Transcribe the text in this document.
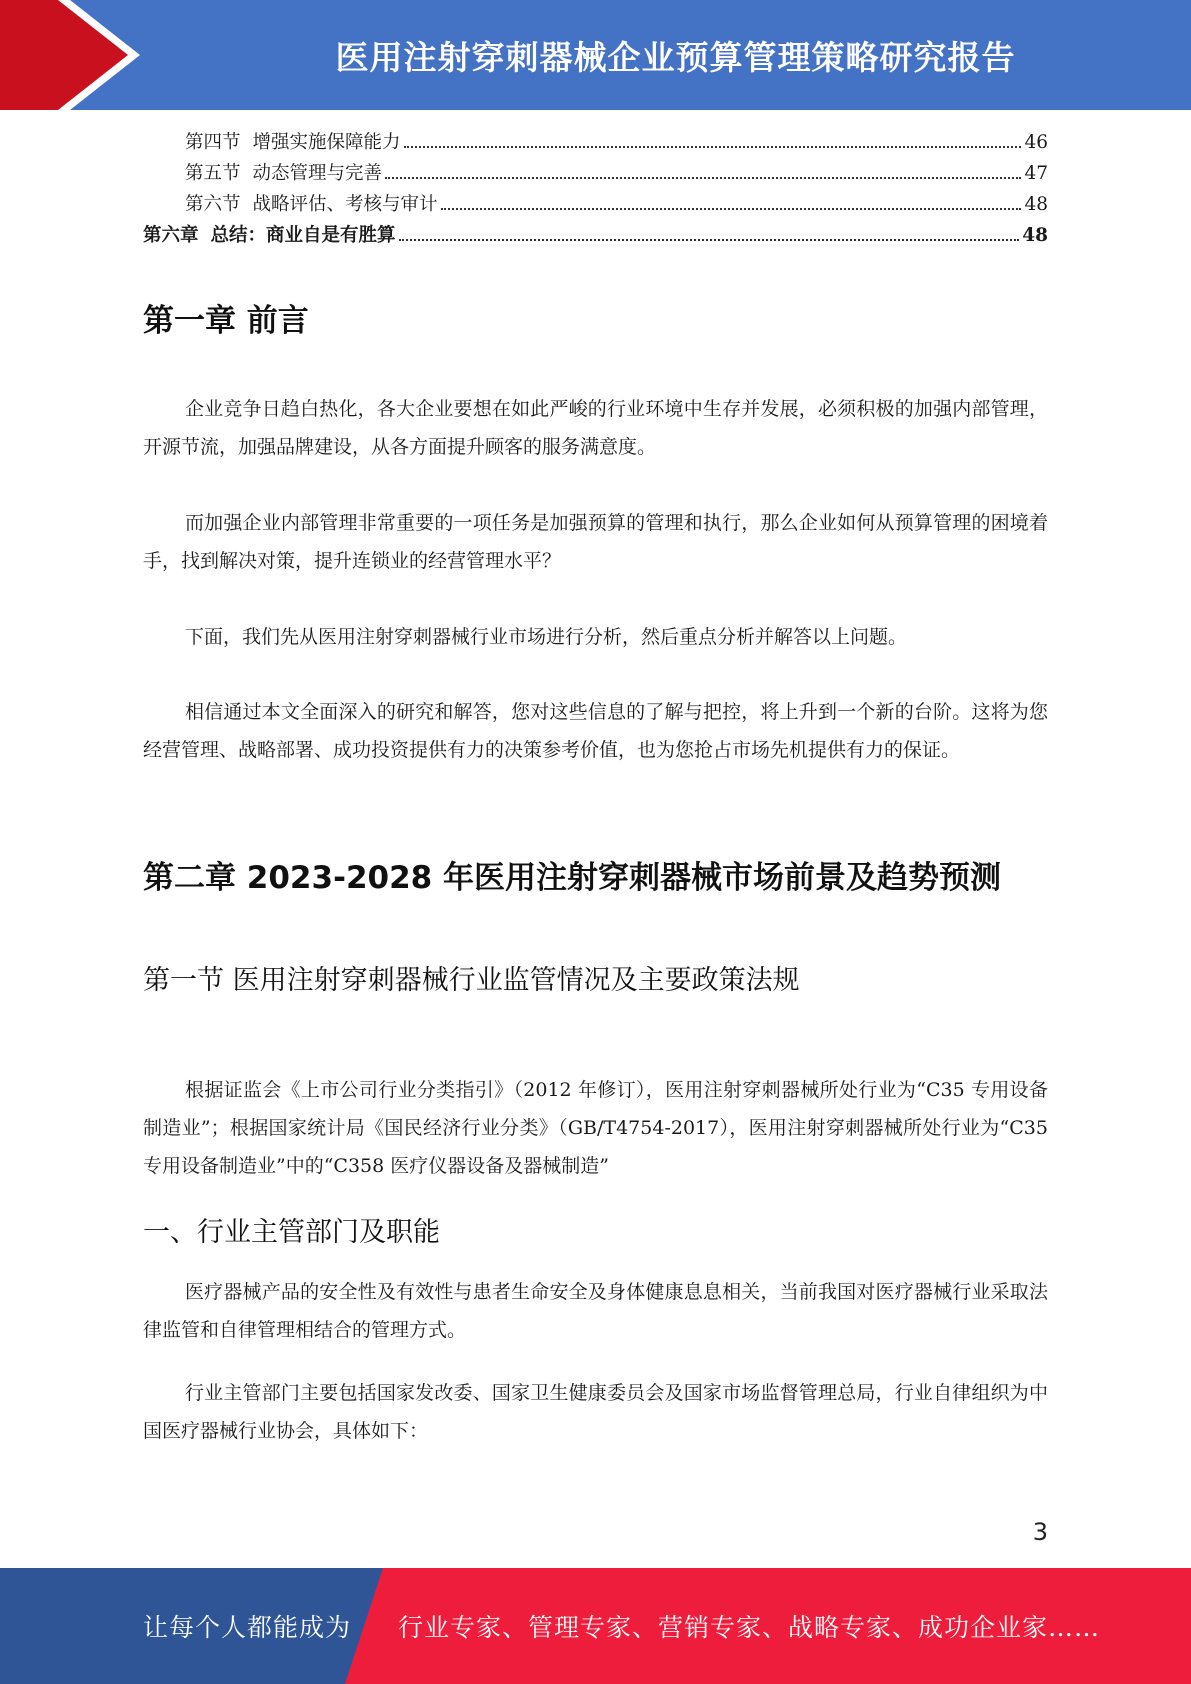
医用注射穿刺器械企业预算管理策略研究报告
第四节 增强实施保障能力	46
第五节 动态管理与完善	47
第六节 战略评估、考核与审计	48
第六章 总结：商业自是有胜算	48
第一章 前言

企业竞争日趋白热化，各大企业要想在如此严峻的行业环境中生存并发展，必须积极的加强内部管理，开源节流，加强品牌建设，从各方面提升顾客的服务满意度。

而加强企业内部管理非常重要的一项任务是加强预算的管理和执行，那么企业如何从预算管理的困境着手，找到解决对策，提升连锁业的经营管理水平？

下面，我们先从医用注射穿刺器械行业市场进行分析，然后重点分析并解答以上问题。

相信通过本文全面深入的研究和解答，您对这些信息的了解与把控，将上升到一个新的台阶。这将为您经营管理、战略部署、成功投资提供有力的决策参考价值，也为您抢占市场先机提供有力的保证。

第二章 2023-2028 年医用注射穿刺器械市场前景及趋势预测
第一节 医用注射穿刺器械行业监管情况及主要政策法规

根据证监会《上市公司行业分类指引》（2012 年修订），医用注射穿刺器械所处行业为“C35 专用设备制造业”；根据国家统计局《国民经济行业分类》（GB/T4754-2017），医用注射穿刺器械所处行业为“C35 专用设备制造业”中的“C358 医疗仪器设备及器械制造”

一、行业主管部门及职能

医疗器械产品的安全性及有效性与患者生命安全及身体健康息息相关，当前我国对医疗器械行业采取法律监管和自律管理相结合的管理方式。

行业主管部门主要包括国家发改委、国家卫生健康委员会及国家市场监督管理总局，行业自律组织为中国医疗器械行业协会，具体如下：

3
让每个人都能成为 行业专家、管理专家、营销专家、战略专家、成功企业家……
